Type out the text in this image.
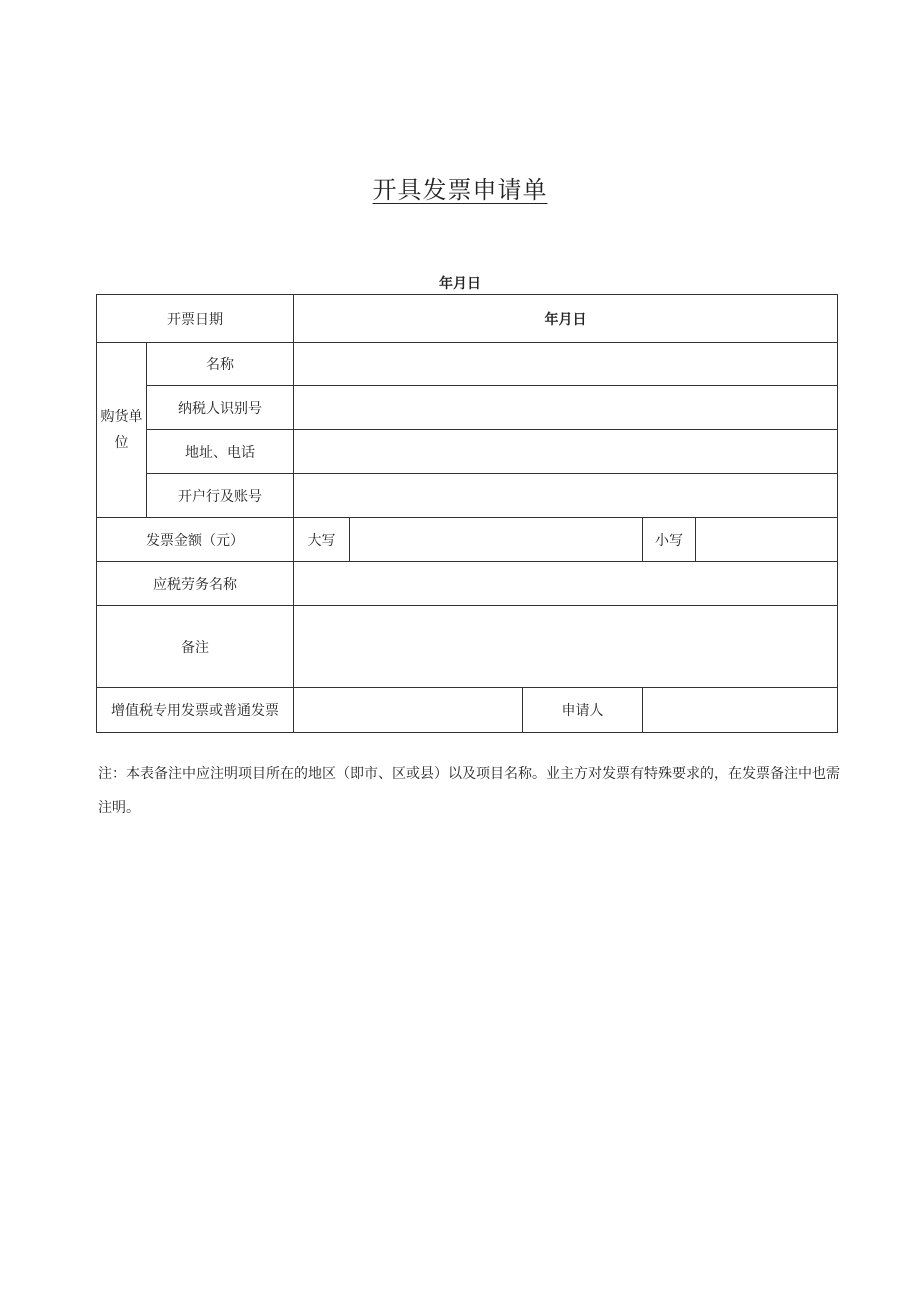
开具发票申请单
年月日
开票日期		年月日				

购货单位	名称					
	纳税人识别号					
	地址、电话					
	开户行及账号					
发票金额（元）		大写			小写	
应税劳务名称						
备注						
增值税专用发票或普通发票				申请人		
注：本表备注中应注明项目所在的地区（即市、区或县）以及项目名称。业主方对发票有特殊要求的，在发票备注中也需注明。
